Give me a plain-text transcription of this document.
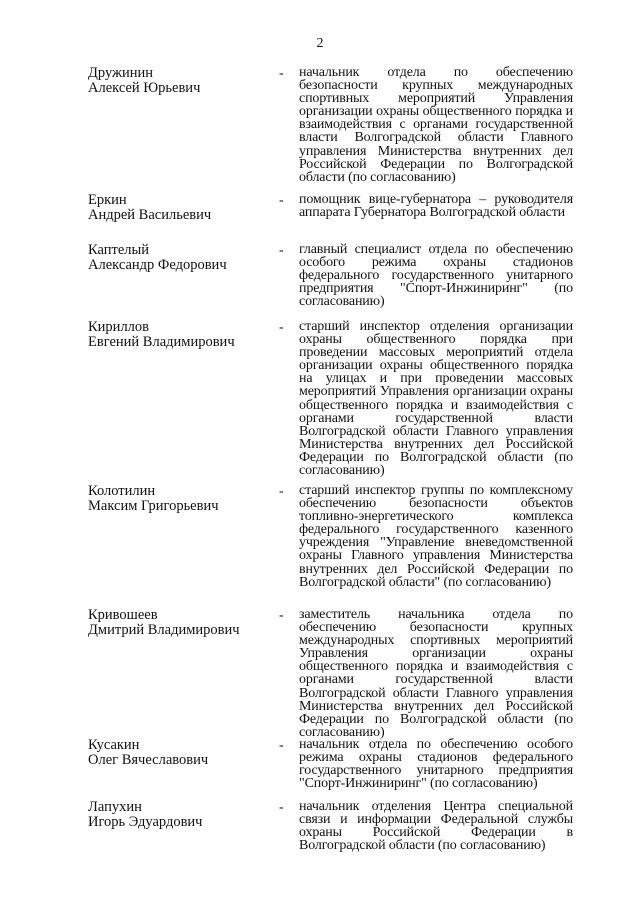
2
Дружинин
Алексей Юрьевич
- начальник отдела по обеспечению безопасности крупных международных спортивных мероприятий Управления организации охраны общественного порядка и взаимодействия с органами государственной власти Волгоградской области Главного управления Министерства внутренних дел Российской Федерации по Волгоградской области (по согласованию)
Еркин
Андрей Васильевич
- помощник вице-губернатора – руководителя аппарата Губернатора Волгоградской области
Каптелый
Александр Федорович
- главный специалист отдела по обеспечению особого режима охраны стадионов федерального государственного унитарного предприятия "Спорт-Инжиниринг" (по согласованию)
Кириллов
Евгений Владимирович
- старший инспектор отделения организации охраны общественного порядка при проведении массовых мероприятий отдела организации охраны общественного порядка на улицах и при проведении массовых мероприятий Управления организации охраны общественного порядка и взаимодействия с органами государственной власти Волгоградской области Главного управления Министерства внутренних дел Российской Федерации по Волгоградской области (по согласованию)
Колотилин
Максим Григорьевич
- старший инспектор группы по комплексному обеспечению безопасности объектов топливно-энергетического комплекса федерального государственного казенного учреждения "Управление вневедомственной охраны Главного управления Министерства внутренних дел Российской Федерации по Волгоградской области" (по согласованию)
Кривошеев
Дмитрий Владимирович
- заместитель начальника отдела по обеспечению безопасности крупных международных спортивных мероприятий Управления организации охраны общественного порядка и взаимодействия с органами государственной власти Волгоградской области Главного управления Министерства внутренних дел Российской Федерации по Волгоградской области (по согласованию)
Кусакин
Олег Вячеславович
- начальник отдела по обеспечению особого режима охраны стадионов федерального государственного унитарного предприятия "Спорт-Инжиниринг" (по согласованию)
Лапухин
Игорь Эдуардович
- начальник отделения Центра специальной связи и информации Федеральной службы охраны Российской Федерации в Волгоградской области (по согласованию)
